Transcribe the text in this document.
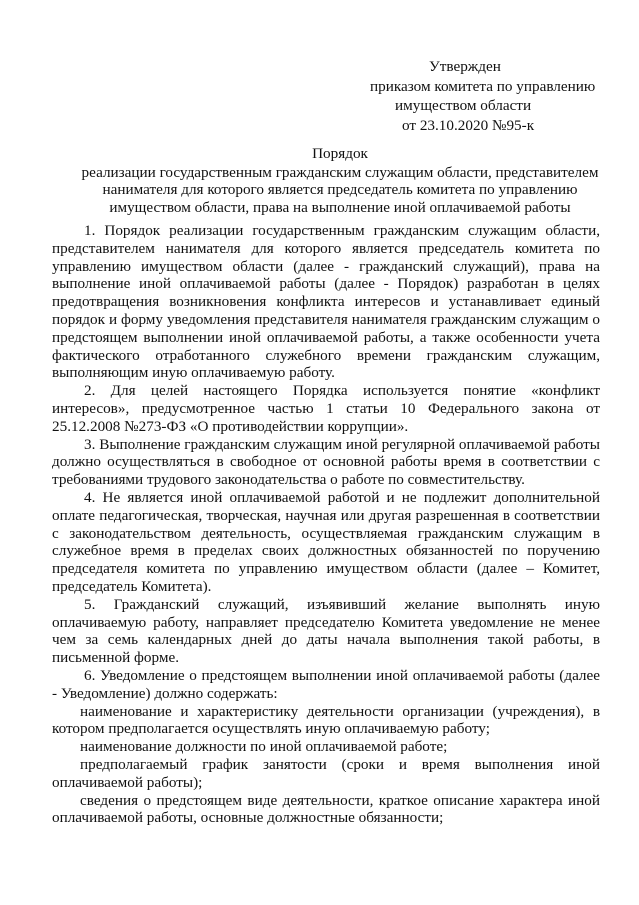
Утвержден
приказом комитета по управлению
имуществом области
от 23.10.2020 №95-к
Порядок
реализации государственным гражданским служащим области, представителем
нанимателя для которого является председатель комитета по управлению
имуществом области, права на выполнение иной оплачиваемой работы

1. Порядок реализации государственным гражданским служащим области, представителем нанимателя для которого является председатель комитета по управлению имуществом области (далее - гражданский служащий), права на выполнение иной оплачиваемой работы (далее - Порядок) разработан в целях предотвращения возникновения конфликта интересов и устанавливает единый порядок и форму уведомления представителя нанимателя гражданским служащим о предстоящем выполнении иной оплачиваемой работы, а также особенности учета фактического отработанного служебного времени гражданским служащим, выполняющим иную оплачиваемую работу.

2. Для целей настоящего Порядка используется понятие «конфликт интересов», предусмотренное частью 1 статьи 10 Федерального закона от 25.12.2008 №273-ФЗ «О противодействии коррупции».

3. Выполнение гражданским служащим иной регулярной оплачиваемой работы должно осуществляться в свободное от основной работы время в соответствии с требованиями трудового законодательства о работе по совместительству.

4. Не является иной оплачиваемой работой и не подлежит дополнительной оплате педагогическая, творческая, научная или другая разрешенная в соответствии с законодательством деятельность, осуществляемая гражданским служащим в служебное время в пределах своих должностных обязанностей по поручению председателя комитета по управлению имуществом области (далее – Комитет, председатель Комитета).

5. Гражданский служащий, изъявивший желание выполнять иную оплачиваемую работу, направляет председателю Комитета уведомление не менее чем за семь календарных дней до даты начала выполнения такой работы, в письменной форме.

6. Уведомление о предстоящем выполнении иной оплачиваемой работы (далее - Уведомление) должно содержать:

наименование и характеристику деятельности организации (учреждения), в котором предполагается осуществлять иную оплачиваемую работу;

наименование должности по иной оплачиваемой работе;

предполагаемый график занятости (сроки и время выполнения иной оплачиваемой работы);

сведения о предстоящем виде деятельности, краткое описание характера иной оплачиваемой работы, основные должностные обязанности;
